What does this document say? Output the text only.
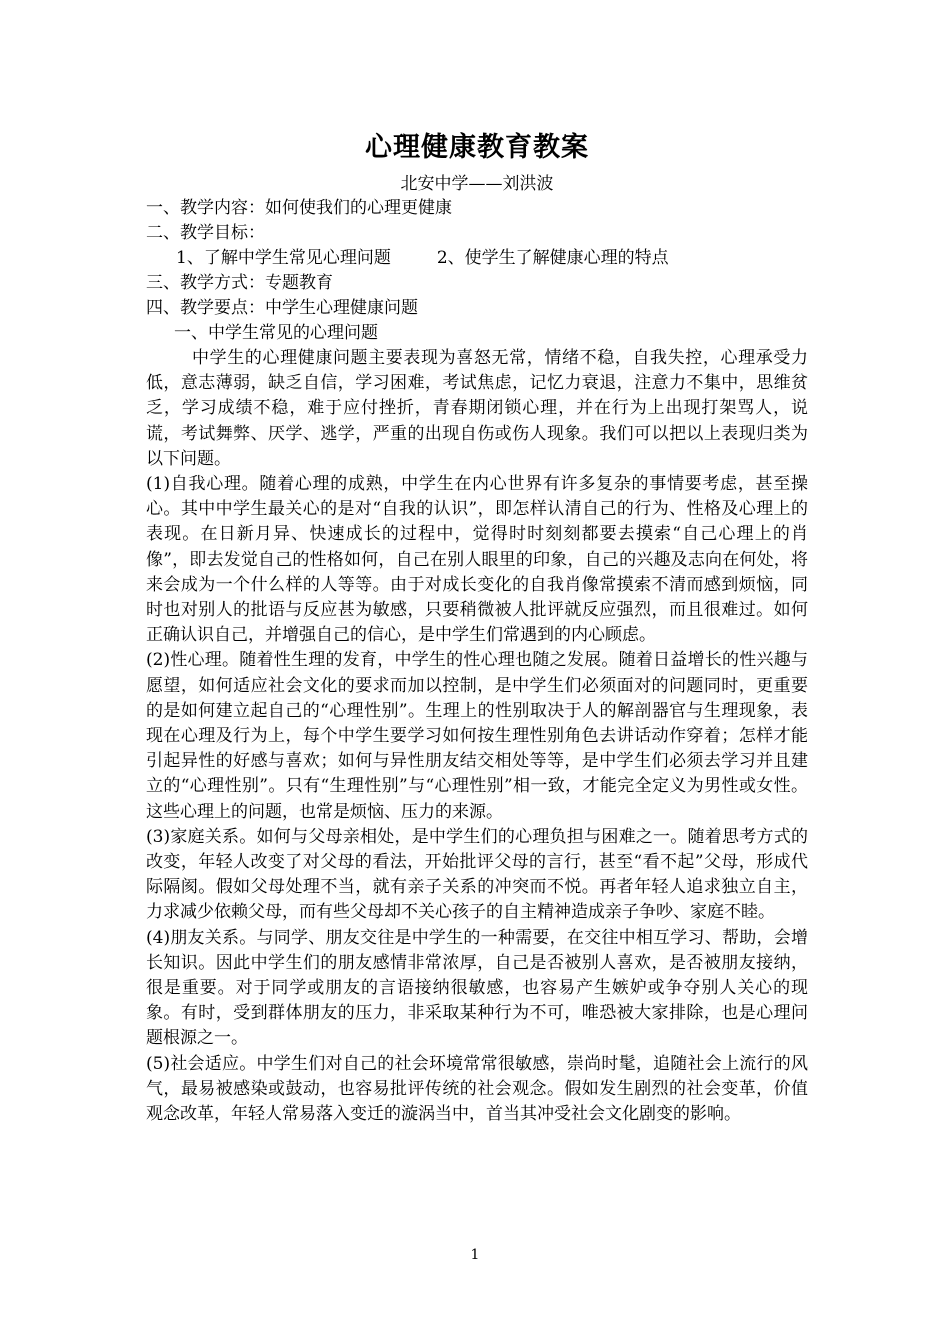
心理健康教育教案

北安中学——刘洪波

一、教学内容：如何使我们的心理更健康

二、教学目标：

1、了解中学生常见心理问题	2、使学生了解健康心理的特点

三、教学方式：专题教育

四、教学要点：中学生心理健康问题

一、中学生常见的心理问题

中学生的心理健康问题主要表现为喜怒无常，情绪不稳，自我失控，心理承受力低，意志薄弱，缺乏自信，学习困难，考试焦虑，记忆力衰退，注意力不集中，思维贫乏，学习成绩不稳，难于应付挫折，青春期闭锁心理，并在行为上出现打架骂人，说谎，考试舞弊、厌学、逃学，严重的出现自伤或伤人现象。我们可以把以上表现归类为以下问题。

(1)自我心理。随着心理的成熟，中学生在内心世界有许多复杂的事情要考虑，甚至操心。其中中学生最关心的是对“自我的认识”，即怎样认清自己的行为、性格及心理上的表现。在日新月异、快速成长的过程中，觉得时时刻刻都要去摸索“自己心理上的肖像”，即去发觉自己的性格如何，自己在别人眼里的印象，自己的兴趣及志向在何处，将来会成为一个什么样的人等等。由于对成长变化的自我肖像常摸索不清而感到烦恼，同时也对别人的批语与反应甚为敏感，只要稍微被人批评就反应强烈，而且很难过。如何正确认识自己，并增强自己的信心，是中学生们常遇到的内心顾虑。

(2)性心理。随着性生理的发育，中学生的性心理也随之发展。随着日益增长的性兴趣与愿望，如何适应社会文化的要求而加以控制，是中学生们必须面对的问题同时，更重要的是如何建立起自己的“心理性别”。生理上的性别取决于人的解剖器官与生理现象，表现在心理及行为上，每个中学生要学习如何按生理性别角色去讲话动作穿着；怎样才能引起异性的好感与喜欢；如何与异性朋友结交相处等等，是中学生们必须去学习并且建立的“心理性别”。只有“生理性别”与“心理性别”相一致，才能完全定义为男性或女性。这些心理上的问题，也常是烦恼、压力的来源。

(3)家庭关系。如何与父母亲相处，是中学生们的心理负担与困难之一。随着思考方式的改变，年轻人改变了对父母的看法，开始批评父母的言行，甚至“看不起”父母，形成代际隔阂。假如父母处理不当，就有亲子关系的冲突而不悦。再者年轻人追求独立自主，力求减少依赖父母，而有些父母却不关心孩子的自主精神造成亲子争吵、家庭不睦。

(4)朋友关系。与同学、朋友交往是中学生的一种需要，在交往中相互学习、帮助，会增长知识。因此中学生们的朋友感情非常浓厚，自己是否被别人喜欢，是否被朋友接纳，很是重要。对于同学或朋友的言语接纳很敏感，也容易产生嫉妒或争夺别人关心的现象。有时，受到群体朋友的压力，非采取某种行为不可，唯恐被大家排除，也是心理问题根源之一。

(5)社会适应。中学生们对自己的社会环境常常很敏感，崇尚时髦，追随社会上流行的风气，最易被感染或鼓动，也容易批评传统的社会观念。假如发生剧烈的社会变革，价值观念改革，年轻人常易落入变迁的漩涡当中，首当其冲受社会文化剧变的影响。

1
